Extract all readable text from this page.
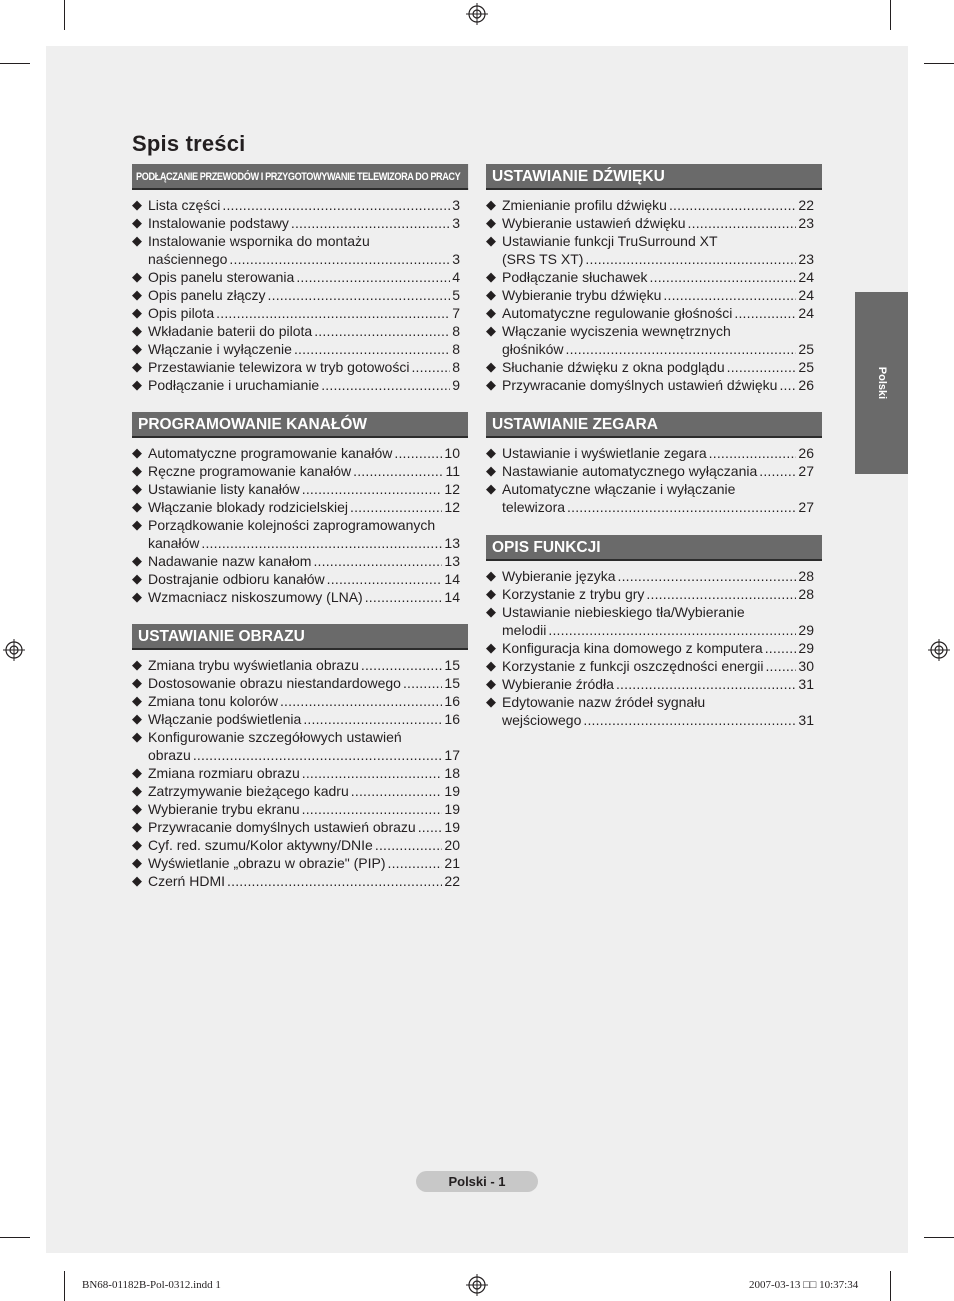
Spis treści
PODŁĄCZANIE PRZEWODÓW I PRZYGOTOWYWANIE TELEWIZORA DO PRACY
◆ Lista części .....	3
◆ Instalowanie podstawy .....	3
◆ Instalowanie wspornika do montażu
naściennego .....	3
◆ Opis panelu sterowania .....	4
◆ Opis panelu złączy .....	5
◆ Opis pilota .....	7
◆ Wkładanie baterii do pilota .....	8
◆ Włączanie i wyłączenie .....	8
◆ Przestawianie telewizora w tryb gotowości .....	8
◆ Podłączanie i uruchamianie .....	9
PROGRAMOWANIE KANAŁÓW
◆ Automatyczne programowanie kanałów .....	10
◆ Ręczne programowanie kanałów .....	11
◆ Ustawianie listy kanałów .....	12
◆ Włączanie blokady rodzicielskiej .....	12
◆ Porządkowanie kolejności zaprogramowanych
kanałów .....	13
◆ Nadawanie nazw kanałom .....	13
◆ Dostrajanie odbioru kanałów .....	14
◆ Wzmacniacz niskoszumowy (LNA) .....	14
USTAWIANIE OBRAZU
◆ Zmiana trybu wyświetlania obrazu .....	15
◆ Dostosowanie obrazu niestandardowego .....	15
◆ Zmiana tonu kolorów .....	16
◆ Włączanie podświetlenia .....	16
◆ Konfigurowanie szczegółowych ustawień
obrazu .....	17
◆ Zmiana rozmiaru obrazu .....	18
◆ Zatrzymywanie bieżącego kadru .....	19
◆ Wybieranie trybu ekranu .....	19
◆ Przywracanie domyślnych ustawień obrazu ..... 19
◆ Cyf. red. szumu/Kolor aktywny/DNIe .....	20
◆ Wyświetlanie „obrazu w obrazie" (PIP) .....	21
◆ Czerń HDMI .....	22
USTAWIANIE DŹWIĘKU
◆ Zmienianie profilu dźwięku .....	22
◆ Wybieranie ustawień dźwięku .....	23
◆ Ustawianie funkcji TruSurround XT
(SRS TS XT) .....	23
◆ Podłączanie słuchawek .....	24
◆ Wybieranie trybu dźwięku .....	24
◆ Automatyczne regulowanie głośności .....	24
◆ Włączanie wyciszenia wewnętrznych
głośników .....	25
◆ Słuchanie dźwięku z okna podglądu .....	25
◆ Przywracanie domyślnych ustawień dźwięku ..... 26
USTAWIANIE ZEGARA
◆ Ustawianie i wyświetlanie zegara .....	26
◆ Nastawianie automatycznego wyłączania .....	27
◆ Automatyczne włączanie i wyłączanie
telewizora .....	27
OPIS FUNKCJI
◆ Wybieranie języka .....	28
◆ Korzystanie z trybu gry .....	28
◆ Ustawianie niebieskiego tła/Wybieranie
melodii .....	29
◆ Konfiguracja kina domowego z komputera .....	29
◆ Korzystanie z funkcji oszczędności energii ..... 30
◆ Wybieranie źródła .....	31
◆ Edytowanie nazw źródeł sygnału
wejściowego .....	31
Polski
Polski - 1
BN68-01182B-Pol-0312.indd 1	2007-03-13 □□ 10:37:34
